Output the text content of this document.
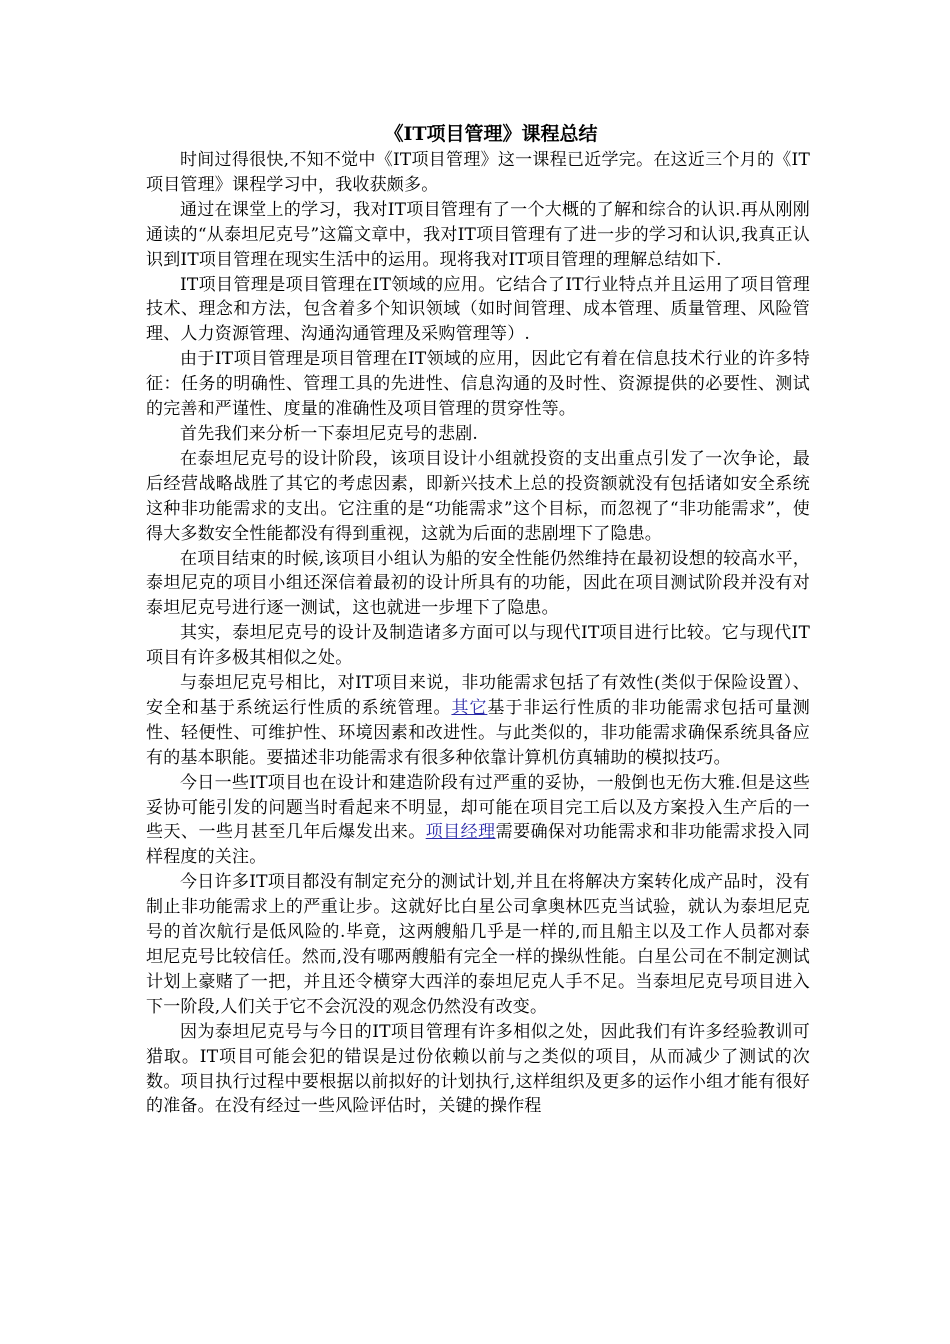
《IT项目管理》课程总结

时间过得很快,不知不觉中《IT项目管理》这一课程已近学完。在这近三个月的《IT项目管理》课程学习中，我收获颇多。

通过在课堂上的学习，我对IT项目管理有了一个大概的了解和综合的认识.再从刚刚通读的“从泰坦尼克号”这篇文章中，我对IT项目管理有了进一步的学习和认识,我真正认识到IT项目管理在现实生活中的运用。现将我对IT项目管理的理解总结如下.

IT项目管理是项目管理在IT领域的应用。它结合了IT行业特点并且运用了项目管理技术、理念和方法，包含着多个知识领域（如时间管理、成本管理、质量管理、风险管理、人力资源管理、沟通沟通管理及采购管理等）.

由于IT项目管理是项目管理在IT领域的应用，因此它有着在信息技术行业的许多特征：任务的明确性、管理工具的先进性、信息沟通的及时性、资源提供的必要性、测试的完善和严谨性、度量的准确性及项目管理的贯穿性等。

首先我们来分析一下泰坦尼克号的悲剧.

在泰坦尼克号的设计阶段，该项目设计小组就投资的支出重点引发了一次争论，最后经营战略战胜了其它的考虑因素，即新兴技术上总的投资额就没有包括诸如安全系统这种非功能需求的支出。它注重的是“功能需求”这个目标，而忽视了“非功能需求”，使得大多数安全性能都没有得到重视，这就为后面的悲剧埋下了隐患。

在项目结束的时候,该项目小组认为船的安全性能仍然维持在最初设想的较高水平，泰坦尼克的项目小组还深信着最初的设计所具有的功能，因此在项目测试阶段并没有对泰坦尼克号进行逐一测试，这也就进一步埋下了隐患。

其实，泰坦尼克号的设计及制造诸多方面可以与现代IT项目进行比较。它与现代IT项目有许多极其相似之处。

与泰坦尼克号相比，对IT项目来说，非功能需求包括了有效性(类似于保险设置）、安全和基于系统运行性质的系统管理。其它基于非运行性质的非功能需求包括可量测性、轻便性、可维护性、环境因素和改进性。与此类似的，非功能需求确保系统具备应有的基本职能。要描述非功能需求有很多种依靠计算机仿真辅助的模拟技巧。

今日一些IT项目也在设计和建造阶段有过严重的妥协，一般倒也无伤大雅.但是这些妥协可能引发的问题当时看起来不明显，却可能在项目完工后以及方案投入生产后的一些天、一些月甚至几年后爆发出来。项目经理需要确保对功能需求和非功能需求投入同样程度的关注。

今日许多IT项目都没有制定充分的测试计划,并且在将解决方案转化成产品时，没有制止非功能需求上的严重让步。这就好比白星公司拿奥林匹克当试验，就认为泰坦尼克号的首次航行是低风险的.毕竟，这两艘船几乎是一样的,而且船主以及工作人员都对泰坦尼克号比较信任。然而,没有哪两艘船有完全一样的操纵性能。白星公司在不制定测试计划上豪赌了一把，并且还令横穿大西洋的泰坦尼克人手不足。当泰坦尼克号项目进入下一阶段,人们关于它不会沉没的观念仍然没有改变。

因为泰坦尼克号与今日的IT项目管理有许多相似之处，因此我们有许多经验教训可猎取。IT项目可能会犯的错误是过份依赖以前与之类似的项目，从而减少了测试的次数。项目执行过程中要根据以前拟好的计划执行,这样组织及更多的运作小组才能有很好的准备。在没有经过一些风险评估时，关键的操作程
